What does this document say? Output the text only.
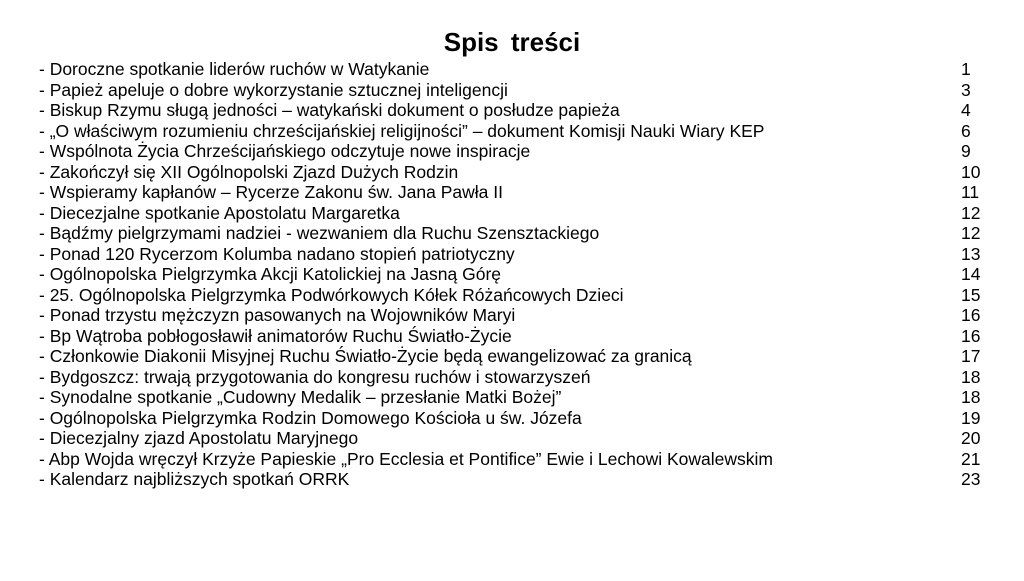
Spis treści
- Doroczne spotkanie liderów ruchów w Watykanie	1
- Papież apeluje o dobre wykorzystanie sztucznej inteligencji	3
- Biskup Rzymu sługą jedności – watykański dokument o posłudze papieża	4
- „O właściwym rozumieniu chrześcijańskiej religijności” – dokument Komisji Nauki Wiary KEP	6
- Wspólnota Życia Chrześcijańskiego odczytuje nowe inspiracje	9
- Zakończył się XII Ogólnopolski Zjazd Dużych Rodzin	10
- Wspieramy kapłanów – Rycerze Zakonu św. Jana Pawła II	11
- Diecezjalne spotkanie Apostolatu Margaretka	12
- Bądźmy pielgrzymami nadziei - wezwaniem dla Ruchu Szensztackiego	12
- Ponad 120 Rycerzom Kolumba nadano stopień patriotyczny	13
- Ogólnopolska Pielgrzymka Akcji Katolickiej na Jasną Górę	14
- 25. Ogólnopolska Pielgrzymka Podwórkowych Kółek Różańcowych Dzieci	15
- Ponad trzystu mężczyzn pasowanych na Wojowników Maryi	16
- Bp Wątroba pobłogosławił animatorów Ruchu Światło-Życie	16
- Członkowie Diakonii Misyjnej Ruchu Światło-Życie będą ewangelizować za granicą	17
- Bydgoszcz: trwają przygotowania do kongresu ruchów i stowarzyszeń	18
- Synodalne spotkanie „Cudowny Medalik – przesłanie Matki Bożej”	18
- Ogólnopolska Pielgrzymka Rodzin Domowego Kościoła u św. Józefa	19
- Diecezjalny zjazd Apostolatu Maryjnego	20
- Abp Wojda wręczył Krzyże Papieskie „Pro Ecclesia et Pontifice” Ewie i Lechowi Kowalewskim	21
- Kalendarz najbliższych spotkań ORRK	23
